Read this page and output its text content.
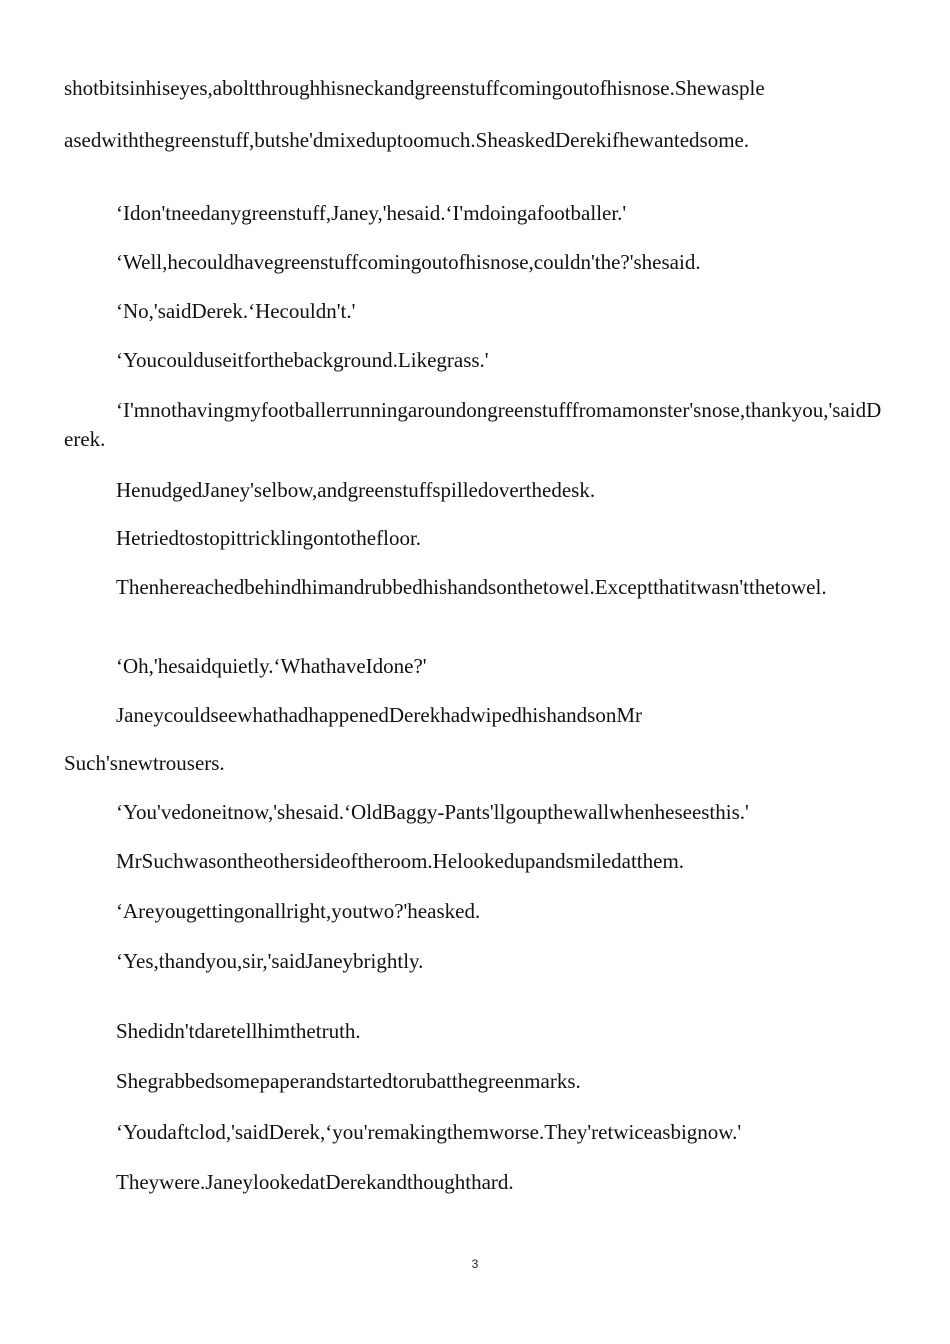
shotbitsinhiseyes,aboltthroughhisneckandgreenstuffcomingoutofhisnose.Shewasple
asedwiththegreenstuff,butshe'dmixeduptoomuch.SheaskedDerekifhewantedsome.
‘Idon'tneedanygreenstuff,Janey,'hesaid.‘I'mdoingafootballer.'
‘Well,hecouldhavegreenstuffcomingoutofhisnose,couldn'the?'shesaid.
‘No,'saidDerek.‘Hecouldn't.'
‘Youcoulduseitforthebackground.Likegrass.'
‘I'mnothavingmyfootballerrunningaroundongreenstufffromamonster'snose,thankyou,'saidDerek.
HenudgedJaney'selbow,andgreenstuffspilledoverthedesk.
Hetriedtostopittricklingontothefloor.
Thenhereachedbehindhimandrubbedhishandsonthetowel.Exceptthatitwasn'tthetowel.
‘Oh,'hesaidquietly.‘WhathaveIdone?'
JaneycouldseewhathadhappenedDerekhadwipedhishandsonMr
Such'snewtrousers.
‘You'vedoneitnow,'shesaid.‘OldBaggy-Pants'llgoupthewallwhenheseesthis.'
MrSuchwasontheothersideoftheroom.Helookedupandsmiledatthem.
‘Areyougettingonallright,youtwo?'heasked.
‘Yes,thandyou,sir,'saidJaneybrightly.
Shedidn'tdaretellhimthetruth.
Shegrabbedsomepaperandstartedtorubatthegreenmarks.
‘Youdaftclod,'saidDerek,‘you'remakingthemworse.They'retwiceasbignow.'
Theywere.JaneylookedatDerekandthoughthard.
3
